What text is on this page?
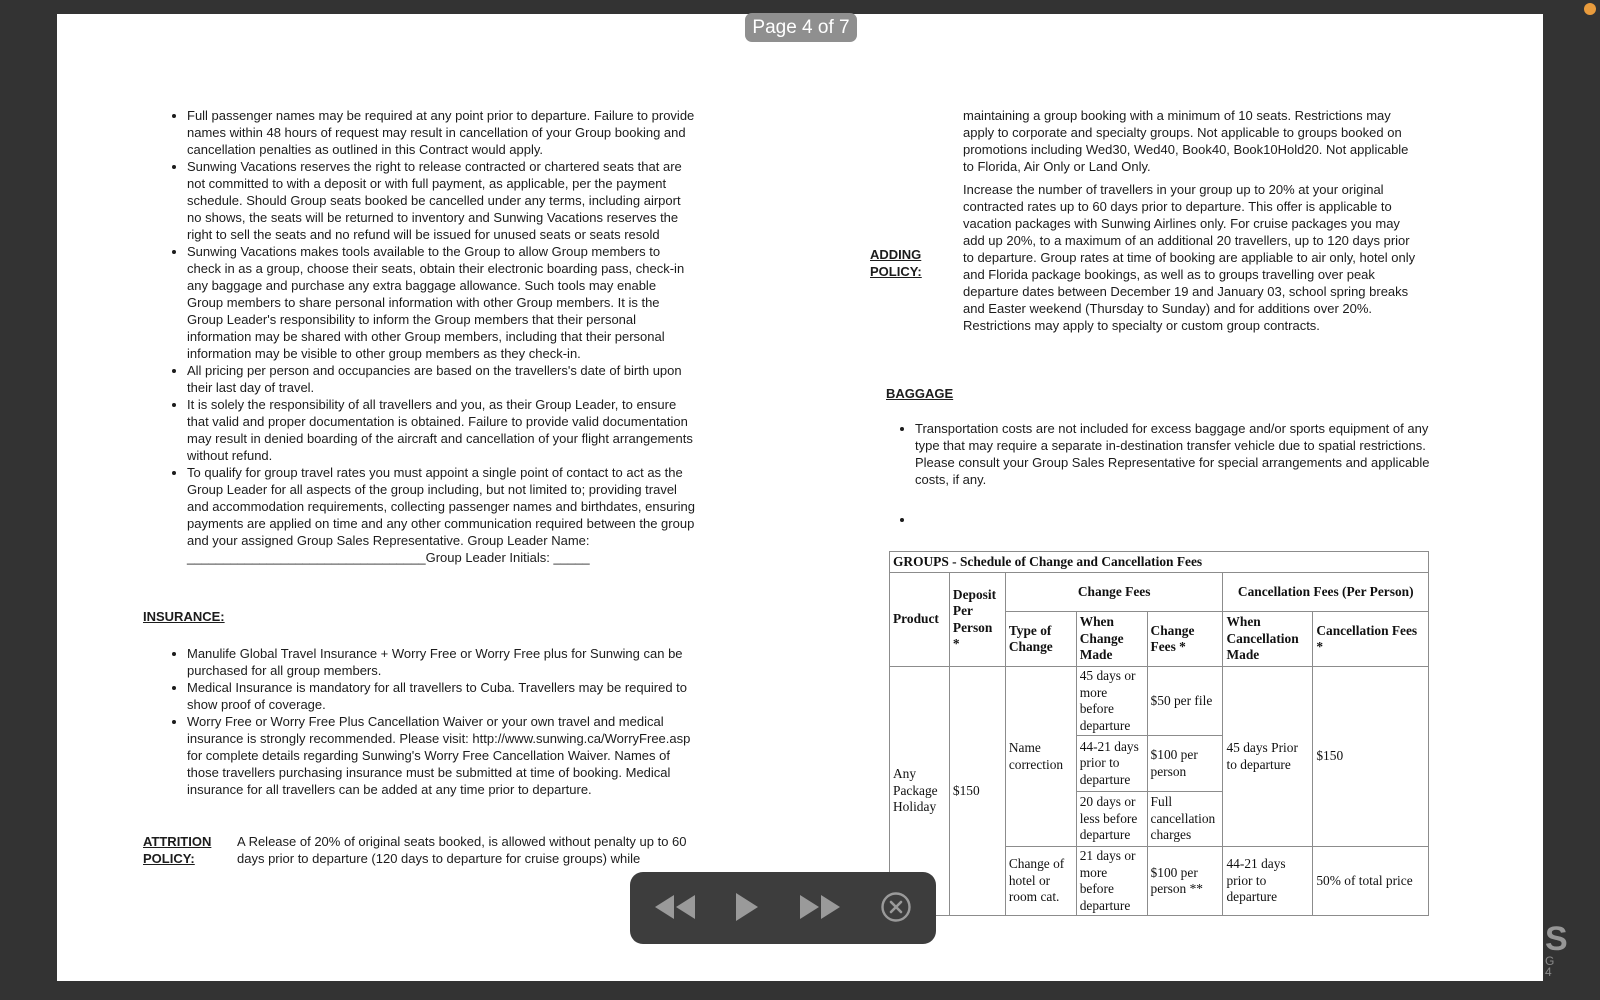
• Full passenger names may be required at any point prior to departure. Failure to provide names within 48 hours of request may result in cancellation of your Group booking and cancellation penalties as outlined in this Contract would apply.
• Sunwing Vacations reserves the right to release contracted or chartered seats that are not committed to with a deposit or with full payment, as applicable, per the payment schedule. Should Group seats booked be cancelled under any terms, including airport no shows, the seats will be returned to inventory and Sunwing Vacations reserves the right to sell the seats and no refund will be issued for unused seats or seats resold
• Sunwing Vacations makes tools available to the Group to allow Group members to check in as a group, choose their seats, obtain their electronic boarding pass, check-in any baggage and purchase any extra baggage allowance. Such tools may enable Group members to share personal information with other Group members. It is the Group Leader's responsibility to inform the Group members that their personal information may be shared with other Group members, including that their personal information may be visible to other group members as they check-in.
• All pricing per person and occupancies are based on the travellers's date of birth upon their last day of travel.
• It is solely the responsibility of all travellers and you, as their Group Leader, to ensure that valid and proper documentation is obtained. Failure to provide valid documentation may result in denied boarding of the aircraft and cancellation of your flight arrangements without refund.
• To qualify for group travel rates you must appoint a single point of contact to act as the Group Leader for all aspects of the group including, but not limited to; providing travel and accommodation requirements, collecting passenger names and birthdates, ensuring payments are applied on time and any other communication required between the group and your assigned Group Sales Representative. Group Leader Name: _________________________________Group Leader Initials: _____
INSURANCE:
• Manulife Global Travel Insurance + Worry Free or Worry Free plus for Sunwing can be purchased for all group members.
• Medical Insurance is mandatory for all travellers to Cuba. Travellers may be required to show proof of coverage.
• Worry Free or Worry Free Plus Cancellation Waiver or your own travel and medical insurance is strongly recommended. Please visit: http://www.sunwing.ca/WorryFree.asp for complete details regarding Sunwing's Worry Free Cancellation Waiver. Names of those travellers purchasing insurance must be submitted at time of booking. Medical insurance for all travellers can be added at any time prior to departure.
ATTRITION
POLICY:
A Release of 20% of original seats booked, is allowed without penalty up to 60 days prior to departure (120 days to departure for cruise groups) while

maintaining a group booking with a minimum of 10 seats. Restrictions may apply to corporate and specialty groups. Not applicable to groups booked on promotions including Wed30, Wed40, Book40, Book10Hold20. Not applicable to Florida, Air Only or Land Only.

Increase the number of travellers in your group up to 20% at your original contracted rates up to 60 days prior to departure. This offer is applicable to vacation packages with Sunwing Airlines only. For cruise packages you may add up 20%, to a maximum of an additional 20 travellers, up to 120 days prior to departure. Group rates at time of booking are appliable to air only, hotel only and Florida package bookings, as well as to groups travelling over peak departure dates between December 19 and January 03, school spring breaks and Easter weekend (Thursday to Sunday) and for additions over 20%. Restrictions may apply to specialty or custom group contracts.

ADDING
POLICY:
BAGGAGE
• Transportation costs are not included for excess baggage and/or sports equipment of any type that may require a separate in-destination transfer vehicle due to spatial restrictions. Please consult your Group Sales Representative for special arrangements and applicable costs, if any.
•
GROUPS - Schedule of Change and Cancellation Fees						
Product	Deposit Per Person *	Change Fees			Cancellation Fees (Per Person)	
		Type of Change	When Change Made	Change Fees *	When Cancellation Made	Cancellation Fees *
Any Package Holiday	$150	Name correction	45 days or more before departure	$50 per file	45 days Prior to departure	$150
			44-21 days prior to departure	$100 per person		
			20 days or less before departure	Full cancellation charges		
		Change of hotel or room cat.	21 days or more before departure	$100 per person **	44-21 days prior to departure	50% of total price
Page 4 of 7
S
G
4
